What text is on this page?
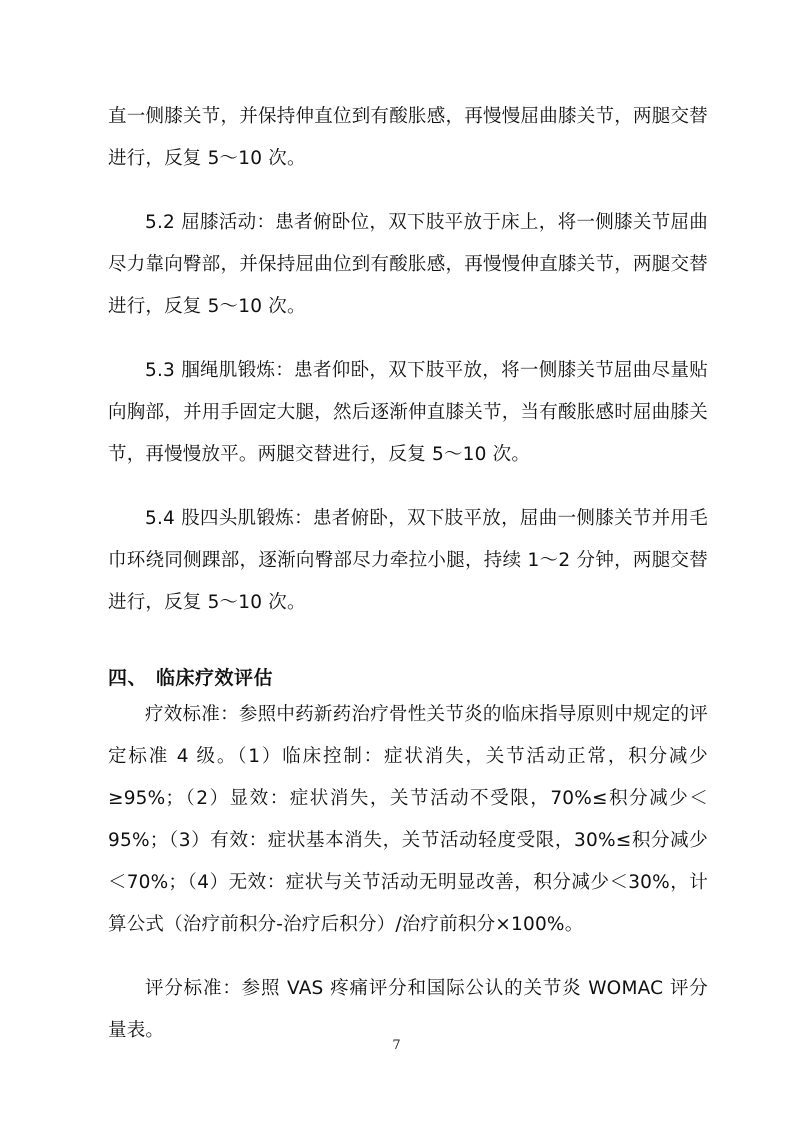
直一侧膝关节，并保持伸直位到有酸胀感，再慢慢屈曲膝关节，两腿交替进行，反复 5～10 次。

5.2 屈膝活动：患者俯卧位，双下肢平放于床上，将一侧膝关节屈曲尽力靠向臀部，并保持屈曲位到有酸胀感，再慢慢伸直膝关节，两腿交替进行，反复 5～10 次。

5.3 腘绳肌锻炼：患者仰卧，双下肢平放，将一侧膝关节屈曲尽量贴向胸部，并用手固定大腿，然后逐渐伸直膝关节，当有酸胀感时屈曲膝关节，再慢慢放平。两腿交替进行，反复 5～10 次。

5.4 股四头肌锻炼：患者俯卧，双下肢平放，屈曲一侧膝关节并用毛巾环绕同侧踝部，逐渐向臀部尽力牵拉小腿，持续 1～2 分钟，两腿交替进行，反复 5～10 次。

四、 临床疗效评估

疗效标准：参照中药新药治疗骨性关节炎的临床指导原则中规定的评定标准 4 级。（1）临床控制：症状消失，关节活动正常，积分减少≥95%；（2）显效：症状消失，关节活动不受限，70%≤积分减少＜95%；（3）有效：症状基本消失，关节活动轻度受限，30%≤积分减少＜70%；（4）无效：症状与关节活动无明显改善，积分减少＜30%，计算公式（治疗前积分-治疗后积分）/治疗前积分×100%。

评分标准：参照 VAS 疼痛评分和国际公认的关节炎 WOMAC 评分量表。

7
